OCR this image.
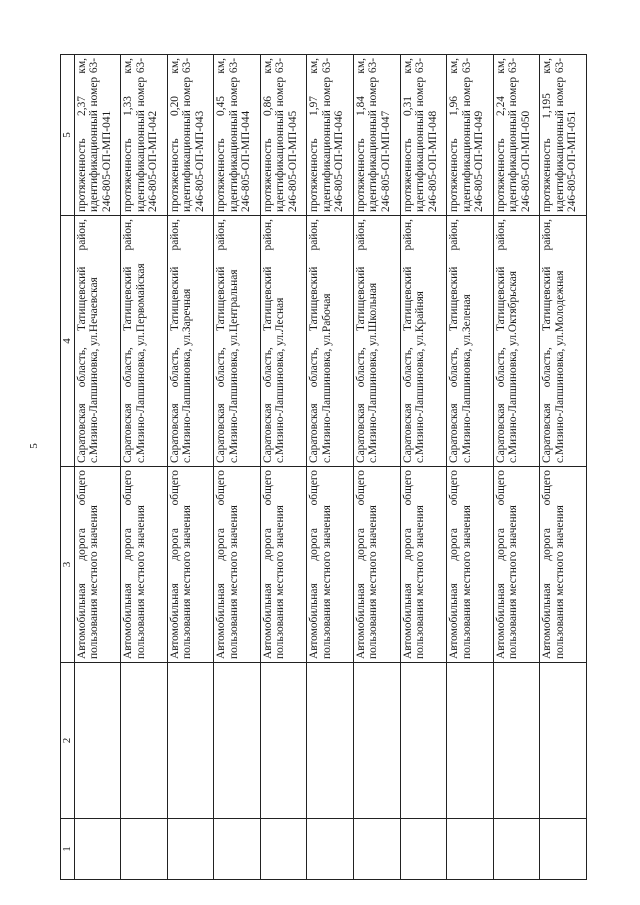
5
1	2	3	4	5

		Автомобильная дорога общего пользования местного значения	Саратовская область, Татищевский район, с.Мизино-Лапшиновка, ул.Нечаевская	протяженность 2,37 км, идентификационный номер 63-246-805-ОП-МП-041

		Автомобильная дорога общего пользования местного значения	Саратовская область, Татищевский район, с.Мизино-Лапшиновка, ул.Первомайская	протяженность 1,33 км, идентификационный номер 63-246-805-ОП-МП-042

		Автомобильная дорога общего пользования местного значения	Саратовская область, Татищевский район, с.Мизино-Лапшиновка, ул.Заречная	протяженность 0,20 км, идентификационный номер 63-246-805-ОП-МП-043

		Автомобильная дорога общего пользования местного значения	Саратовская область, Татищевский район, с.Мизино-Лапшиновка, ул.Центральная	протяженность 0,45 км, идентификационный номер 63-246-805-ОП-МП-044

		Автомобильная дорога общего пользования местного значения	Саратовская область, Татищевский район, с.Мизино-Лапшиновка, ул.Лесная	протяженность 0,86 км, идентификационный номер 63-246-805-ОП-МП-045

		Автомобильная дорога общего пользования местного значения	Саратовская область, Татищевский район, с.Мизино-Лапшиновка, ул.Рабочая	протяженность 1,97 км, идентификационный номер 63-246-805-ОП-МП-046

		Автомобильная дорога общего пользования местного значения	Саратовская область, Татищевский район, с.Мизино-Лапшиновка, ул.Школьная	протяженность 1,84 км, идентификационный номер 63-246-805-ОП-МП-047

		Автомобильная дорога общего пользования местного значения	Саратовская область, Татищевский район, с.Мизино-Лапшиновка, ул.Крайняя	протяженность 0,31 км, идентификационный номер 63-246-805-ОП-МП-048

		Автомобильная дорога общего пользования местного значения	Саратовская область, Татищевский район, с.Мизино-Лапшиновка, ул.Зеленая	протяженность 1,96 км, идентификационный номер 63-246-805-ОП-МП-049

		Автомобильная дорога общего пользования местного значения	Саратовская область, Татищевский район, с.Мизино-Лапшиновка, ул.Октябрьская	протяженность 2,24 км, идентификационный номер 63-246-805-ОП-МП-050

		Автомобильная дорога общего пользования местного значения	Саратовская область, Татищевский район, с.Мизино-Лапшиновка, ул.Молодежная	протяженность 1,195 км, идентификационный номер 63-246-805-ОП-МП-051
